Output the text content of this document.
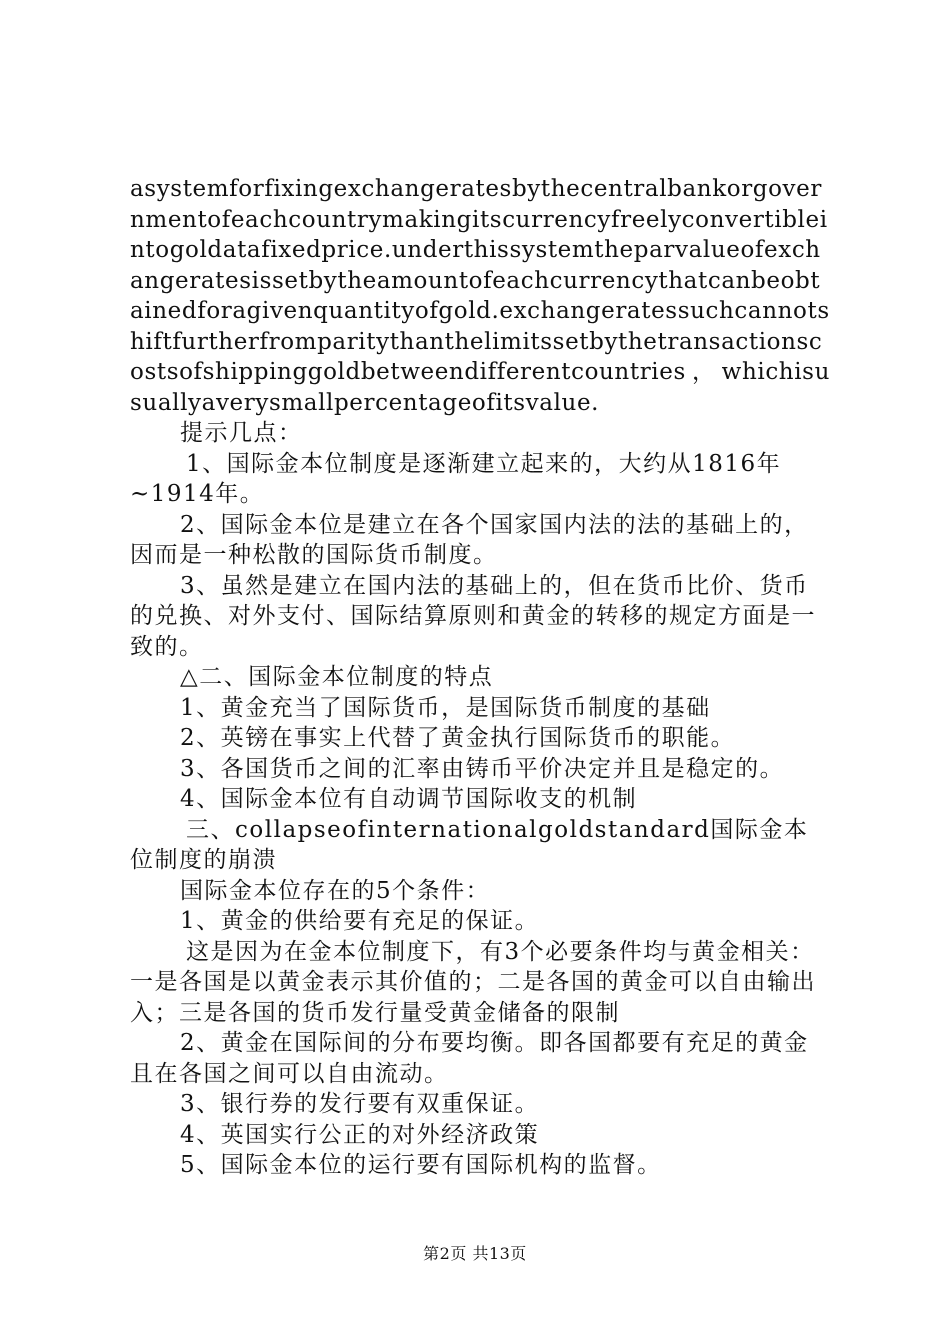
asystemforfixingexchangeratesbythecentralbankorgovernmentofeachcountrymakingitscurrencyfreelyconvertibleintogoldatafixedprice.underthissystemtheparvalueofexchangeratesissetbytheamountofeachcurrencythatcanbeobtainedforagivenquantityofgold.exchangeratessuchcannotshiftfurtherfromparitythanthelimitssetbythetransactionscostsofshippinggoldbetweendifferentcountries，whichisusuallyaverysmallpercentageofitsvalue.

提示几点：

1、国际金本位制度是逐渐建立起来的，大约从1816年~1914年。

2、国际金本位是建立在各个国家国内法的法的基础上的，因而是一种松散的国际货币制度。

3、虽然是建立在国内法的基础上的，但在货币比价、货币的兑换、对外支付、国际结算原则和黄金的转移的规定方面是一致的。

△二、国际金本位制度的特点

1、黄金充当了国际货币，是国际货币制度的基础

2、英镑在事实上代替了黄金执行国际货币的职能。

3、各国货币之间的汇率由铸币平价决定并且是稳定的。

4、国际金本位有自动调节国际收支的机制

三、collapseofinternationalgoldstandard国际金本位制度的崩溃

国际金本位存在的5个条件：

1、黄金的供给要有充足的保证。

这是因为在金本位制度下，有3个必要条件均与黄金相关：一是各国是以黄金表示其价值的；二是各国的黄金可以自由输出入；三是各国的货币发行量受黄金储备的限制

2、黄金在国际间的分布要均衡。即各国都要有充足的黄金且在各国之间可以自由流动。

3、银行券的发行要有双重保证。

4、英国实行公正的对外经济政策

5、国际金本位的运行要有国际机构的监督。

第2页 共13页
